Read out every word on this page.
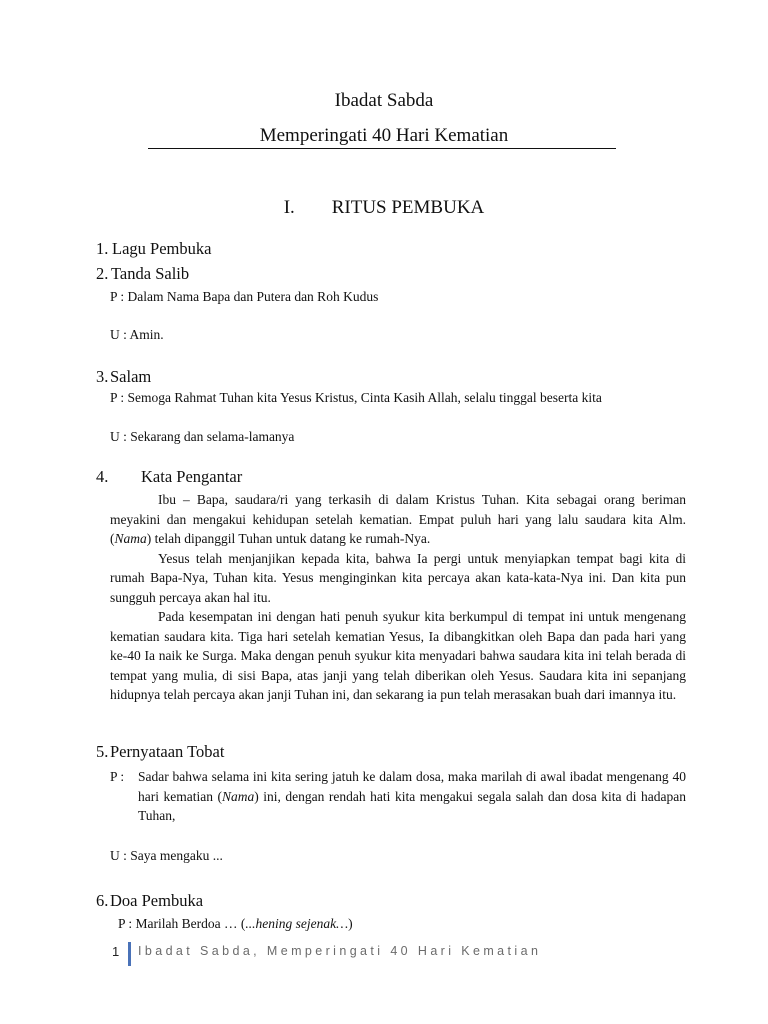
Ibadat Sabda
Memperingati 40 Hari Kematian
I. RITUS PEMBUKA
1. Lagu Pembuka
2. Tanda Salib
P : Dalam Nama Bapa dan Putera dan Roh Kudus
U : Amin.
3.Salam
P : Semoga Rahmat Tuhan kita Yesus Kristus, Cinta Kasih Allah, selalu tinggal beserta kita
U : Sekarang dan selama-lamanya
4. Kata Pengantar

Ibu – Bapa, saudara/ri yang terkasih di dalam Kristus Tuhan. Kita sebagai orang beriman meyakini dan mengakui kehidupan setelah kematian. Empat puluh hari yang lalu saudara kita Alm. (Nama) telah dipanggil Tuhan untuk datang ke rumah-Nya.

Yesus telah menjanjikan kepada kita, bahwa Ia pergi untuk menyiapkan tempat bagi kita di rumah Bapa-Nya, Tuhan kita. Yesus menginginkan kita percaya akan kata-kata-Nya ini. Dan kita pun sungguh percaya akan hal itu.

Pada kesempatan ini dengan hati penuh syukur kita berkumpul di tempat ini untuk mengenang kematian saudara kita. Tiga hari setelah kematian Yesus, Ia dibangkitkan oleh Bapa dan pada hari yang ke-40 Ia naik ke Surga. Maka dengan penuh syukur kita menyadari bahwa saudara kita ini telah berada di tempat yang mulia, di sisi Bapa, atas janji yang telah diberikan oleh Yesus. Saudara kita ini sepanjang hidupnya telah percaya akan janji Tuhan ini, dan sekarang ia pun telah merasakan buah dari imannya itu.

5.Pernyataan Tobat
P : Sadar bahwa selama ini kita sering jatuh ke dalam dosa, maka marilah di awal ibadat mengenang 40 hari kematian (Nama) ini, dengan rendah hati kita mengakui segala salah dan dosa kita di hadapan Tuhan,
U : Saya mengaku ...
6.Doa Pembuka
P : Marilah Berdoa … (...hening sejenak…)
1 Ibadat Sabda, Memperingati 40 Hari Kematian
